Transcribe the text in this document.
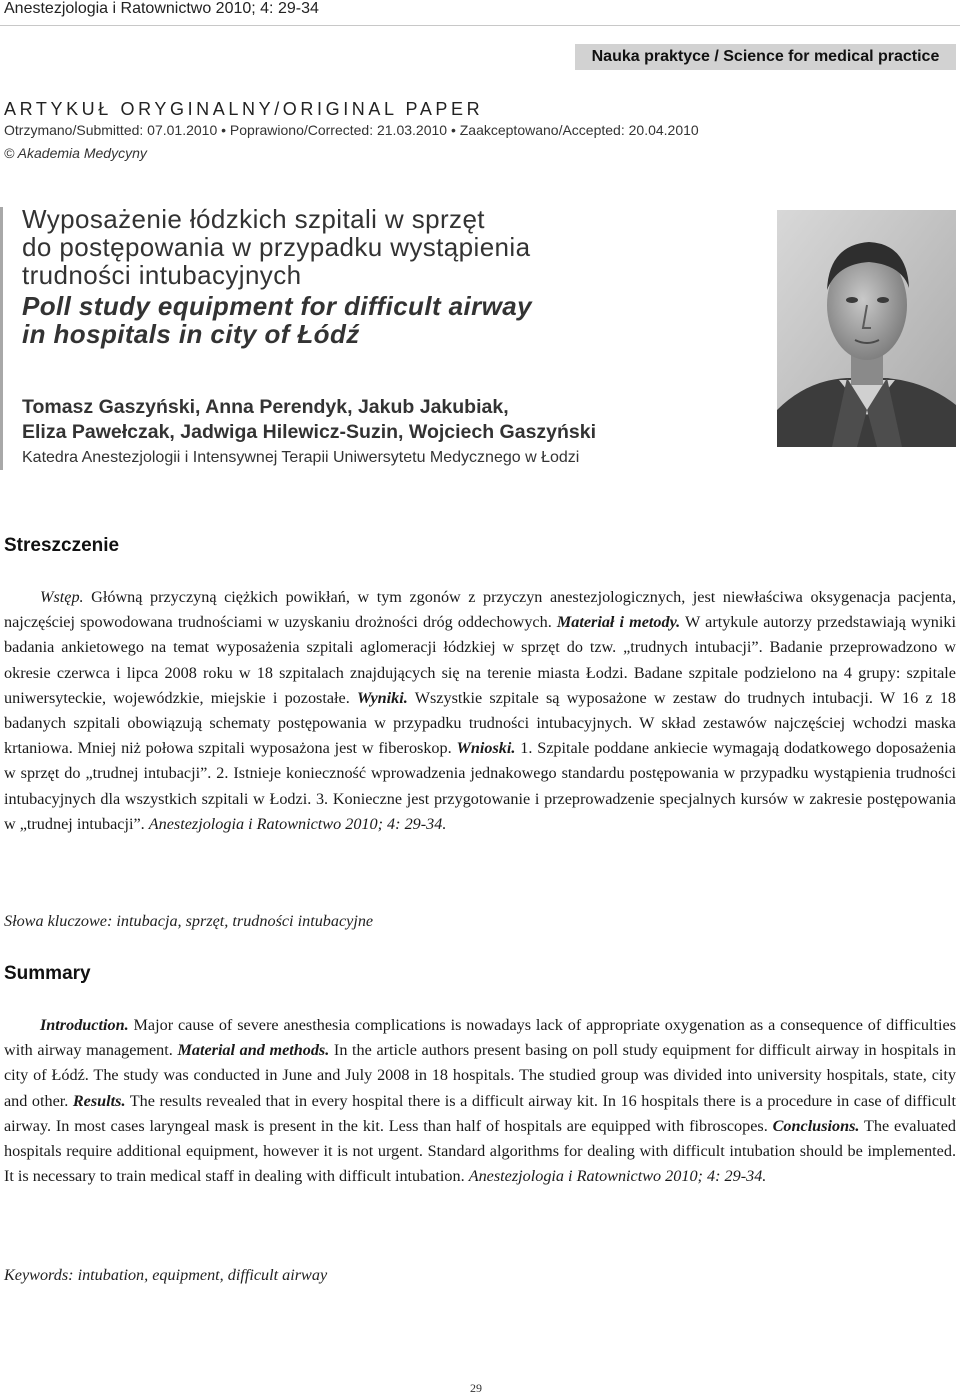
Anestezjologia i Ratownictwo 2010; 4: 29-34
Nauka praktyce / Science for medical practice
ARTYKUŁ ORYGINALNY/ORIGINAL PAPER
Otrzymano/Submitted: 07.01.2010 • Poprawiono/Corrected: 21.03.2010 • Zaakceptowano/Accepted: 20.04.2010
© Akademia Medycyny
Wyposażenie łódzkich szpitali w sprzęt
do postępowania w przypadku wystąpienia
trudności intubacyjnych
Poll study equipment for difficult airway
in hospitals in city of Łódź
Tomasz Gaszyński, Anna Perendyk, Jakub Jakubiak,
Eliza Pawełczak, Jadwiga Hilewicz-Suzin, Wojciech Gaszyński
Katedra Anestezjologii i Intensywnej Terapii Uniwersytetu Medycznego w Łodzi
Streszczenie
Wstęp. Główną przyczyną ciężkich powikłań, w tym zgonów z przyczyn anestezjologicznych, jest niewłaściwa oksygenacja pacjenta, najczęściej spowodowana trudnościami w uzyskaniu drożności dróg oddechowych. Materiał i metody. W artykule autorzy przedstawiają wyniki badania ankietowego na temat wyposażenia szpitali aglomeracji łódzkiej w sprzęt do tzw. „trudnych intubacji”. Badanie przeprowadzono w okresie czerwca i lipca 2008 roku w 18 szpitalach znajdujących się na terenie miasta Łodzi. Badane szpitale podzielono na 4 grupy: szpitale uniwersyteckie, wojewódzkie, miejskie i pozostałe. Wyniki. Wszystkie szpitale są wyposażone w zestaw do trudnych intubacji. W 16 z 18 badanych szpitali obowiązują schematy postępowania w przypadku trudności intubacyjnych. W skład zestawów najczęściej wchodzi maska krtaniowa. Mniej niż połowa szpitali wyposażona jest w fiberoskop. Wnioski. 1. Szpitale poddane ankiecie wymagają dodatkowego doposażenia w sprzęt do „trudnej intubacji”. 2. Istnieje konieczność wprowadzenia jednakowego standardu postępowania w przypadku wystąpienia trudności intubacyjnych dla wszystkich szpitali w Łodzi. 3. Konieczne jest przygotowanie i przeprowadzenie specjalnych kursów w zakresie postępowania w „trudnej intubacji”. Anestezjologia i Ratownictwo 2010; 4: 29-34.
Słowa kluczowe: intubacja, sprzęt, trudności intubacyjne
Summary
Introduction. Major cause of severe anesthesia complications is nowadays lack of appropriate oxygenation as a consequence of difficulties with airway management. Material and methods. In the article authors present basing on poll study equipment for difficult airway in hospitals in city of Łódź. The study was conducted in June and July 2008 in 18 hospitals. The studied group was divided into university hospitals, state, city and other. Results. The results revealed that in every hospital there is a difficult airway kit. In 16 hospitals there is a procedure in case of difficult airway. In most cases laryngeal mask is present in the kit. Less than half of hospitals are equipped with fibroscopes. Conclusions. The evaluated hospitals require additional equipment, however it is not urgent. Standard algorithms for dealing with difficult intubation should be implemented. It is necessary to train medical staff in dealing with difficult intubation. Anestezjologia i Ratownictwo 2010; 4: 29-34.
Keywords: intubation, equipment, difficult airway
29
